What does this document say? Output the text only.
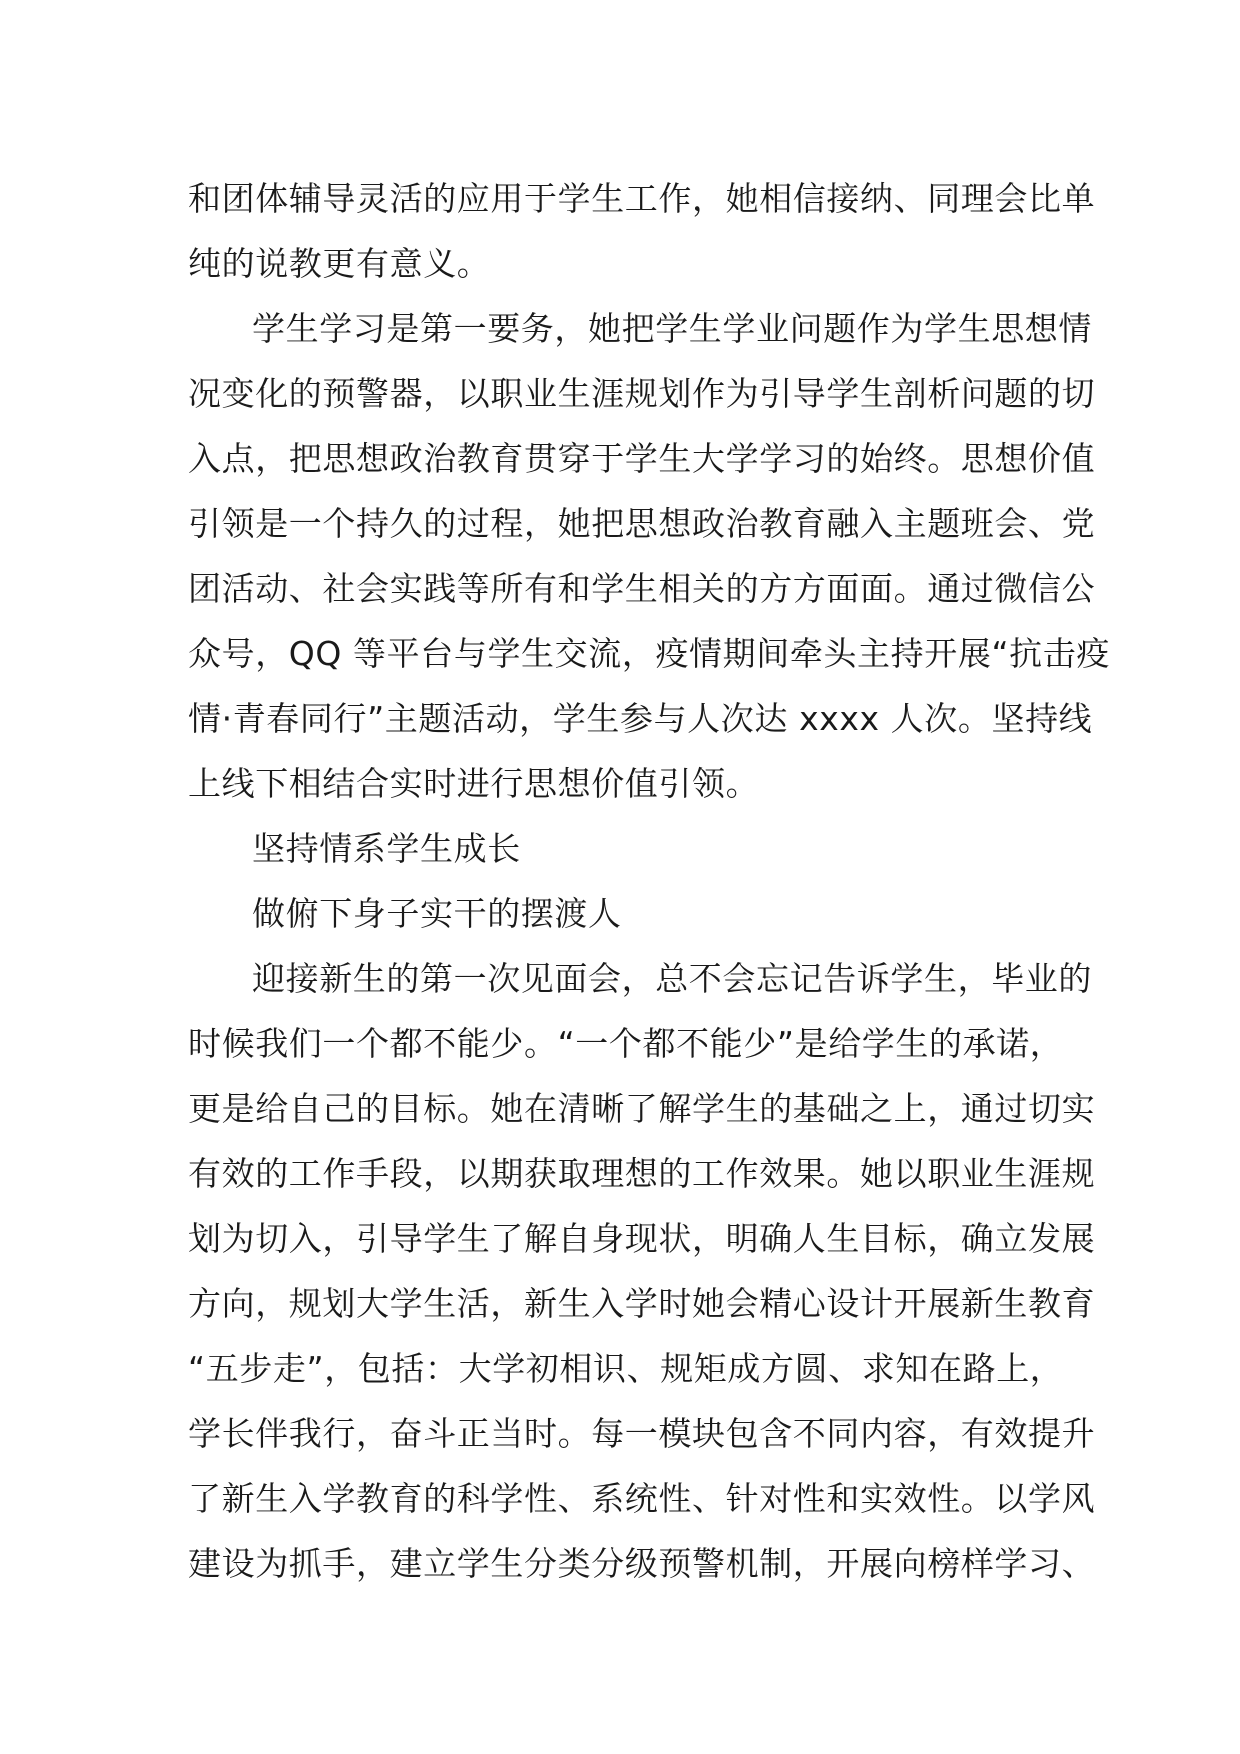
和团体辅导灵活的应用于学生工作，她相信接纳、同理会比单
纯的说教更有意义。

学生学习是第一要务，她把学生学业问题作为学生思想情
况变化的预警器，以职业生涯规划作为引导学生剖析问题的切
入点，把思想政治教育贯穿于学生大学学习的始终。思想价值
引领是一个持久的过程，她把思想政治教育融入主题班会、党
团活动、社会实践等所有和学生相关的方方面面。通过微信公
众号，QQ 等平台与学生交流，疫情期间牵头主持开展“抗击疫
情·青春同行”主题活动，学生参与人次达 xxxx 人次。坚持线
上线下相结合实时进行思想价值引领。

坚持情系学生成长
做俯下身子实干的摆渡人

迎接新生的第一次见面会，总不会忘记告诉学生，毕业的
时候我们一个都不能少。“一个都不能少”是给学生的承诺，
更是给自己的目标。她在清晰了解学生的基础之上，通过切实
有效的工作手段，以期获取理想的工作效果。她以职业生涯规
划为切入，引导学生了解自身现状，明确人生目标，确立发展
方向，规划大学生活，新生入学时她会精心设计开展新生教育
“五步走”，包括：大学初相识、规矩成方圆、求知在路上，
学长伴我行，奋斗正当时。每一模块包含不同内容，有效提升
了新生入学教育的科学性、系统性、针对性和实效性。以学风
建设为抓手，建立学生分类分级预警机制，开展向榜样学习、
